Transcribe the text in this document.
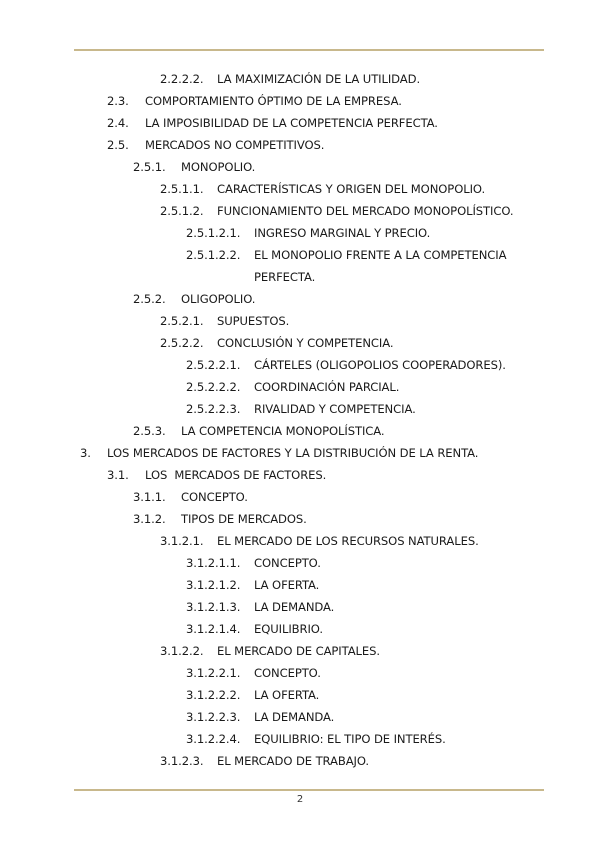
2.2.2.2. LA MAXIMIZACIÓN DE LA UTILIDAD.
2.3. COMPORTAMIENTO ÓPTIMO DE LA EMPRESA.
2.4. LA IMPOSIBILIDAD DE LA COMPETENCIA PERFECTA.
2.5. MERCADOS NO COMPETITIVOS.
2.5.1. MONOPOLIO.
2.5.1.1. CARACTERÍSTICAS Y ORIGEN DEL MONOPOLIO.
2.5.1.2. FUNCIONAMIENTO DEL MERCADO MONOPOLÍSTICO.
2.5.1.2.1. INGRESO MARGINAL Y PRECIO.
2.5.1.2.2. EL MONOPOLIO FRENTE A LA COMPETENCIA PERFECTA.
2.5.2. OLIGOPOLIO.
2.5.2.1. SUPUESTOS.
2.5.2.2. CONCLUSIÓN Y COMPETENCIA.
2.5.2.2.1. CÁRTELES (OLIGOPOLIOS COOPERADORES).
2.5.2.2.2. COORDINACIÓN PARCIAL.
2.5.2.2.3. RIVALIDAD Y COMPETENCIA.
2.5.3. LA COMPETENCIA MONOPOLÍSTICA.
3. LOS MERCADOS DE FACTORES Y LA DISTRIBUCIÓN DE LA RENTA.
3.1. LOS  MERCADOS DE FACTORES.
3.1.1. CONCEPTO.
3.1.2. TIPOS DE MERCADOS.
3.1.2.1. EL MERCADO DE LOS RECURSOS NATURALES.
3.1.2.1.1. CONCEPTO.
3.1.2.1.2. LA OFERTA.
3.1.2.1.3. LA DEMANDA.
3.1.2.1.4. EQUILIBRIO.
3.1.2.2. EL MERCADO DE CAPITALES.
3.1.2.2.1. CONCEPTO.
3.1.2.2.2. LA OFERTA.
3.1.2.2.3. LA DEMANDA.
3.1.2.2.4. EQUILIBRIO: EL TIPO DE INTERÉS.
3.1.2.3. EL MERCADO DE TRABAJO.
2
